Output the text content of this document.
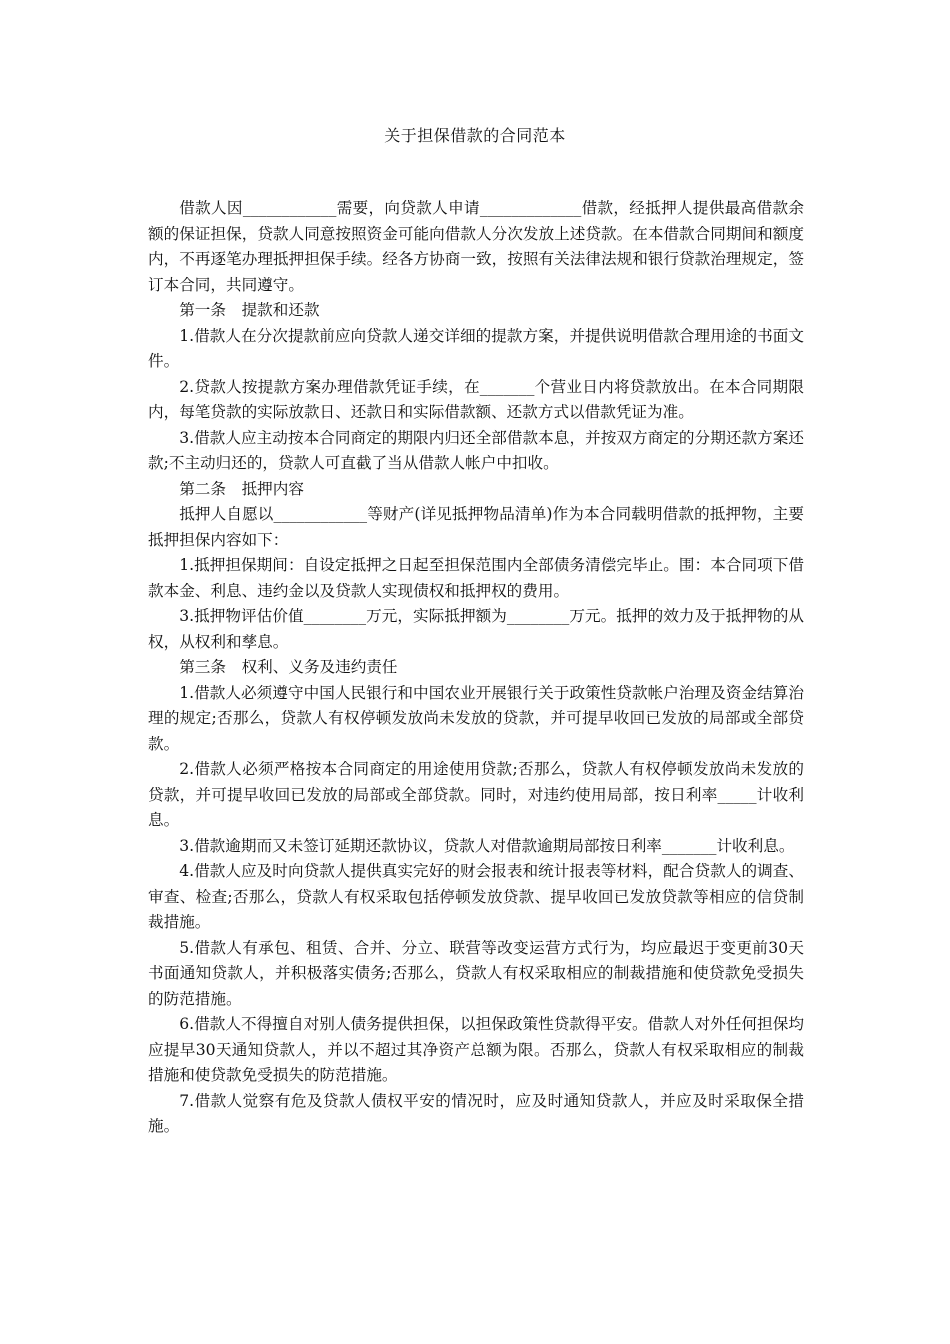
关于担保借款的合同范本

借款人因____________需要，向贷款人申请_____________借款，经抵押人提供最高借款余额的保证担保，贷款人同意按照资金可能向借款人分次发放上述贷款。在本借款合同期间和额度内，不再逐笔办理抵押担保手续。经各方协商一致，按照有关法律法规和银行贷款治理规定，签订本合同，共同遵守。

第一条　提款和还款

1.借款人在分次提款前应向贷款人递交详细的提款方案，并提供说明借款合理用途的书面文件。

2.贷款人按提款方案办理借款凭证手续，在_______个营业日内将贷款放出。在本合同期限内，每笔贷款的实际放款日、还款日和实际借款额、还款方式以借款凭证为准。

3.借款人应主动按本合同商定的期限内归还全部借款本息，并按双方商定的分期还款方案还款;不主动归还的，贷款人可直截了当从借款人帐户中扣收。

第二条　抵押内容

抵押人自愿以____________等财产(详见抵押物品清单)作为本合同载明借款的抵押物，主要抵押担保内容如下：

1.抵押担保期间：自设定抵押之日起至担保范围内全部债务清偿完毕止。围：本合同项下借款本金、利息、违约金以及贷款人实现债权和抵押权的费用。

3.抵押物评估价值________万元，实际抵押额为________万元。抵押的效力及于抵押物的从权，从权利和孳息。

第三条　权利、义务及违约责任

1.借款人必须遵守中国人民银行和中国农业开展银行关于政策性贷款帐户治理及资金结算治理的规定;否那么，贷款人有权停顿发放尚未发放的贷款，并可提早收回已发放的局部或全部贷款。

2.借款人必须严格按本合同商定的用途使用贷款;否那么，贷款人有权停顿发放尚未发放的贷款，并可提早收回已发放的局部或全部贷款。同时，对违约使用局部，按日利率_____计收利息。

3.借款逾期而又未签订延期还款协议，贷款人对借款逾期局部按日利率_______计收利息。

4.借款人应及时向贷款人提供真实完好的财会报表和统计报表等材料，配合贷款人的调查、审查、检查;否那么，贷款人有权采取包括停顿发放贷款、提早收回已发放贷款等相应的信贷制裁措施。

5.借款人有承包、租赁、合并、分立、联营等改变运营方式行为，均应最迟于变更前30天书面通知贷款人，并积极落实债务;否那么，贷款人有权采取相应的制裁措施和使贷款免受损失的防范措施。

6.借款人不得擅自对别人债务提供担保，以担保政策性贷款得平安。借款人对外任何担保均应提早30天通知贷款人，并以不超过其净资产总额为限。否那么，贷款人有权采取相应的制裁措施和使贷款免受损失的防范措施。

7.借款人觉察有危及贷款人债权平安的情况时，应及时通知贷款人，并应及时采取保全措施。
